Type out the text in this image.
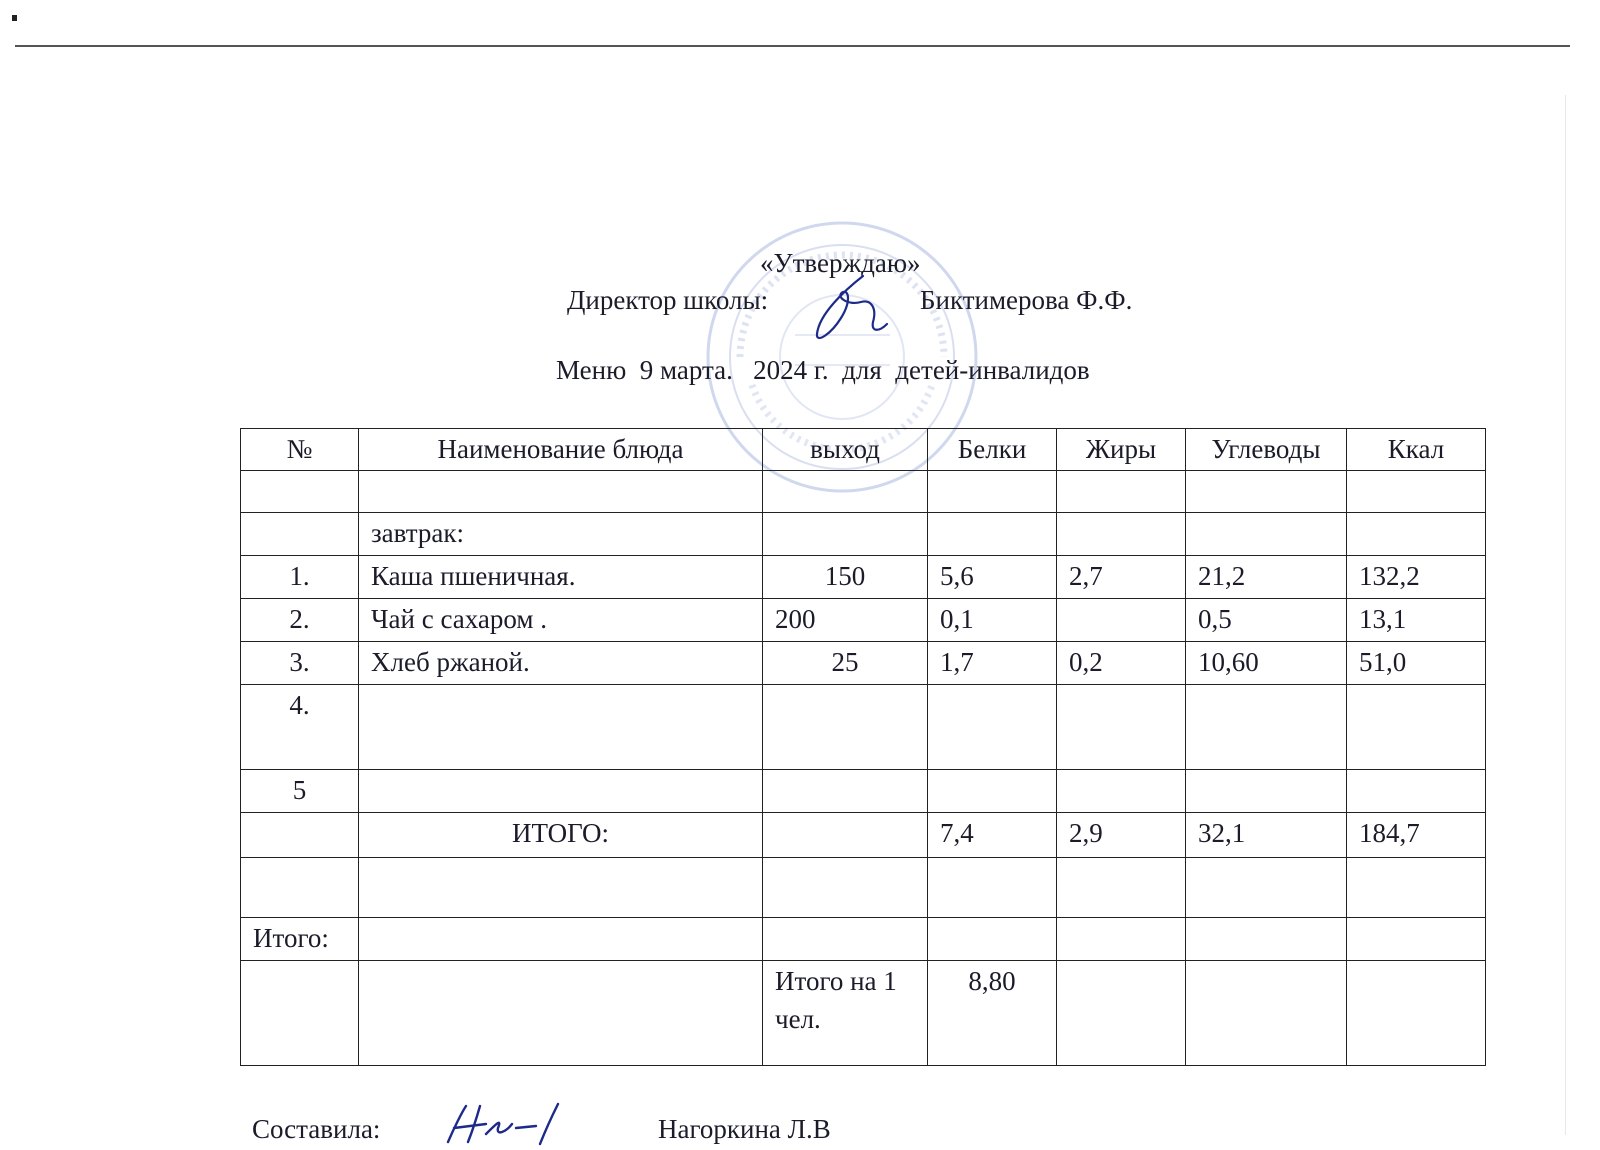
«Утверждаю»
Директор школы:	Биктимерова Ф.Ф.
Меню  9 марта.   2024 г.  для  детей-инвалидов
№	Наименование блюда	выход	Белки	Жиры	Углеводы	Ккал

	завтрак:					
1.	Каша пшеничная.	150	5,6	2,7	21,2	132,2
2.	Чай с сахаром .	200	0,1		0,5	13,1
3.	Хлеб ржаной.	25	1,7	0,2	10,60	51,0
4.						
5						
	ИТОГО:		7,4	2,9	32,1	184,7

Итого:						
		Итого на 1 чел.	8,80			
Составила:	Нагоркина Л.В
